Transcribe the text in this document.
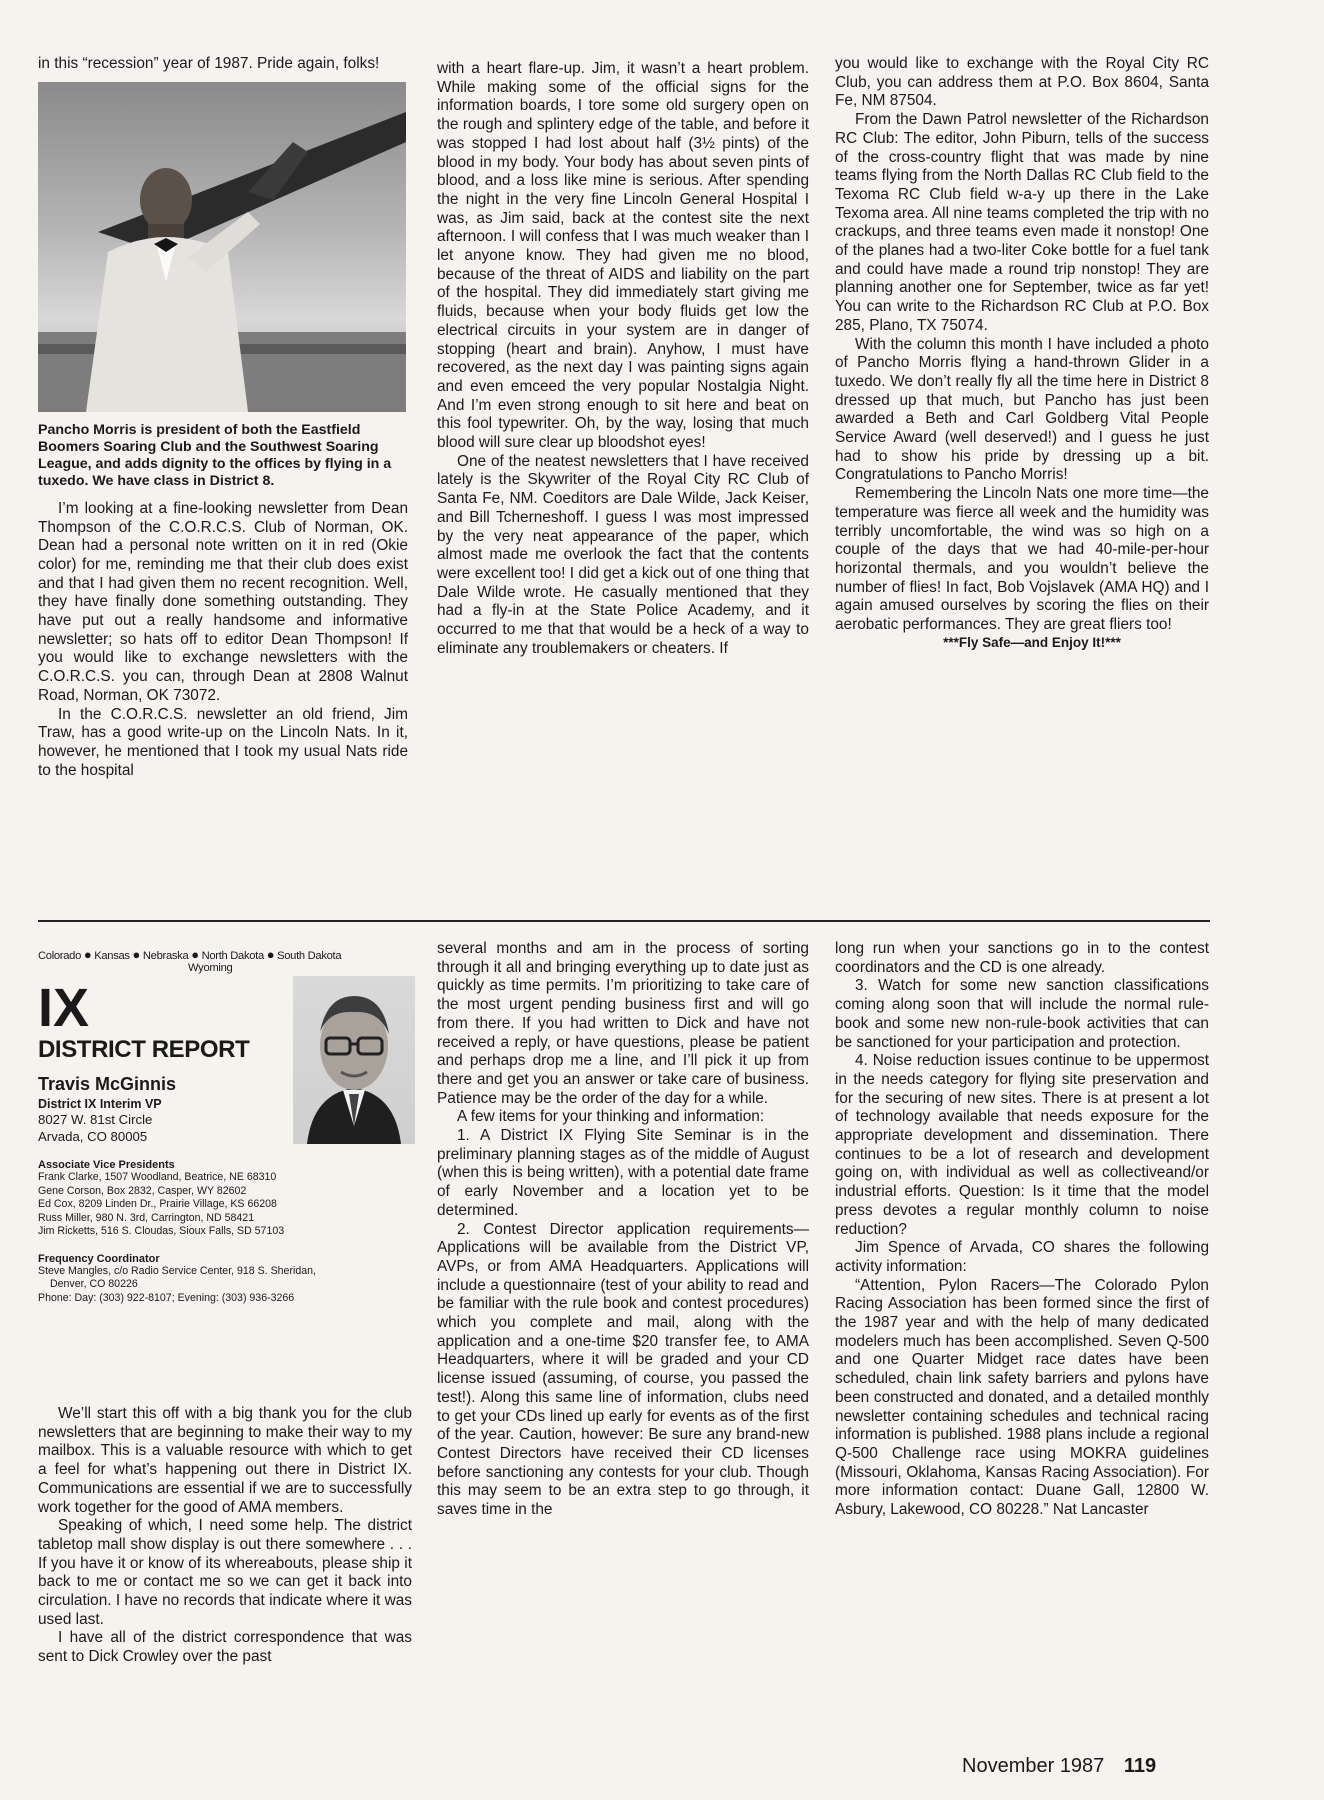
in this “recession” year of 1987. Pride again, folks!

Pancho Morris is president of both the Eastfield Boomers Soaring Club and the Southwest Soaring League, and adds dignity to the offices by flying in a tuxedo. We have class in District 8.

I’m looking at a fine-looking newsletter from Dean Thompson of the C.O.R.C.S. Club of Norman, OK. Dean had a personal note written on it in red (Okie color) for me, reminding me that their club does exist and that I had given them no recent recognition. Well, they have finally done something outstanding. They have put out a really handsome and informative newsletter; so hats off to editor Dean Thompson! If you would like to exchange newsletters with the C.O.R.C.S. you can, through Dean at 2808 Walnut Road, Norman, OK 73072.

In the C.O.R.C.S. newsletter an old friend, Jim Traw, has a good write-up on the Lincoln Nats. In it, however, he mentioned that I took my usual Nats ride to the hospital

with a heart flare-up. Jim, it wasn’t a heart problem. While making some of the official signs for the information boards, I tore some old surgery open on the rough and splintery edge of the table, and before it was stopped I had lost about half (3½ pints) of the blood in my body. Your body has about seven pints of blood, and a loss like mine is serious. After spending the night in the very fine Lincoln General Hospital I was, as Jim said, back at the contest site the next afternoon. I will confess that I was much weaker than I let anyone know. They had given me no blood, because of the threat of AIDS and liability on the part of the hospital. They did immediately start giving me fluids, because when your body fluids get low the electrical circuits in your system are in danger of stopping (heart and brain). Anyhow, I must have recovered, as the next day I was painting signs again and even emceed the very popular Nostalgia Night. And I’m even strong enough to sit here and beat on this fool typewriter. Oh, by the way, losing that much blood will sure clear up bloodshot eyes!

One of the neatest newsletters that I have received lately is the Skywriter of the Royal City RC Club of Santa Fe, NM. Coeditors are Dale Wilde, Jack Keiser, and Bill Tcherneshoff. I guess I was most impressed by the very neat appearance of the paper, which almost made me overlook the fact that the contents were excellent too! I did get a kick out of one thing that Dale Wilde wrote. He casually mentioned that they had a fly-in at the State Police Academy, and it occurred to me that that would be a heck of a way to eliminate any troublemakers or cheaters. If

you would like to exchange with the Royal City RC Club, you can address them at P.O. Box 8604, Santa Fe, NM 87504.

From the Dawn Patrol newsletter of the Richardson RC Club: The editor, John Piburn, tells of the success of the cross-country flight that was made by nine teams flying from the North Dallas RC Club field to the Texoma RC Club field w-a-y up there in the Lake Texoma area. All nine teams completed the trip with no crackups, and three teams even made it nonstop! One of the planes had a two-liter Coke bottle for a fuel tank and could have made a round trip nonstop! They are planning another one for September, twice as far yet! You can write to the Richardson RC Club at P.O. Box 285, Plano, TX 75074.

With the column this month I have included a photo of Pancho Morris flying a hand-thrown Glider in a tuxedo. We don’t really fly all the time here in District 8 dressed up that much, but Pancho has just been awarded a Beth and Carl Goldberg Vital People Service Award (well deserved!) and I guess he just had to show his pride by dressing up a bit. Congratulations to Pancho Morris!

Remembering the Lincoln Nats one more time—the temperature was fierce all week and the humidity was terribly uncomfortable, the wind was so high on a couple of the days that we had 40-mile-per-hour horizontal thermals, and you wouldn’t believe the number of flies! In fact, Bob Vojslavek (AMA HQ) and I again amused ourselves by scoring the flies on their aerobatic performances. They are great fliers too!

***Fly Safe—and Enjoy It!***

Colorado ● Kansas ● Nebraska ● North Dakota ● South Dakota
Wyoming
IX
DISTRICT REPORT
Travis McGinnis
District IX Interim VP
8027 W. 81st Circle
Arvada, CO 80005
Associate Vice Presidents
Frank Clarke, 1507 Woodland, Beatrice, NE 68310
Gene Corson, Box 2832, Casper, WY 82602
Ed Cox, 8209 Linden Dr., Prairie Village, KS 66208
Russ Miller, 980 N. 3rd, Carrington, ND 58421
Jim Ricketts, 516 S. Cloudas, Sioux Falls, SD 57103
Frequency Coordinator
Steve Mangles, c/o Radio Service Center, 918 S. Sheridan,
Denver, CO 80226
Phone: Day: (303) 922-8107; Evening: (303) 936-3266

We’ll start this off with a big thank you for the club newsletters that are beginning to make their way to my mailbox. This is a valuable resource with which to get a feel for what’s happening out there in District IX. Communications are essential if we are to successfully work together for the good of AMA members.

Speaking of which, I need some help. The district tabletop mall show display is out there somewhere . . . If you have it or know of its whereabouts, please ship it back to me or contact me so we can get it back into circulation. I have no records that indicate where it was used last.

I have all of the district correspondence that was sent to Dick Crowley over the past

several months and am in the process of sorting through it all and bringing everything up to date just as quickly as time permits. I’m prioritizing to take care of the most urgent pending business first and will go from there. If you had written to Dick and have not received a reply, or have questions, please be patient and perhaps drop me a line, and I’ll pick it up from there and get you an answer or take care of business. Patience may be the order of the day for a while.

A few items for your thinking and information:

1. A District IX Flying Site Seminar is in the preliminary planning stages as of the middle of August (when this is being written), with a potential date frame of early November and a location yet to be determined.

2. Contest Director application requirements—Applications will be available from the District VP, AVPs, or from AMA Headquarters. Applications will include a questionnaire (test of your ability to read and be familiar with the rule book and contest procedures) which you complete and mail, along with the application and a one-time $20 transfer fee, to AMA Headquarters, where it will be graded and your CD license issued (assuming, of course, you passed the test!). Along this same line of information, clubs need to get your CDs lined up early for events as of the first of the year. Caution, however: Be sure any brand-new Contest Directors have received their CD licenses before sanctioning any contests for your club. Though this may seem to be an extra step to go through, it saves time in the

long run when your sanctions go in to the contest coordinators and the CD is one already.

3. Watch for some new sanction classifications coming along soon that will include the normal rule-book and some new non-rule-book activities that can be sanctioned for your participation and protection.

4. Noise reduction issues continue to be uppermost in the needs category for flying site preservation and for the securing of new sites. There is at present a lot of technology available that needs exposure for the appropriate development and dissemination. There continues to be a lot of research and development going on, with individual as well as collectiveand/or industrial efforts. Question: Is it time that the model press devotes a regular monthly column to noise reduction?

Jim Spence of Arvada, CO shares the following activity information:

“Attention, Pylon Racers—The Colorado Pylon Racing Association has been formed since the first of the 1987 year and with the help of many dedicated modelers much has been accomplished. Seven Q-500 and one Quarter Midget race dates have been scheduled, chain link safety barriers and pylons have been constructed and donated, and a detailed monthly newsletter containing schedules and technical racing information is published. 1988 plans include a regional Q-500 Challenge race using MOKRA guidelines (Missouri, Oklahoma, Kansas Racing Association). For more information contact: Duane Gall, 12800 W. Asbury, Lakewood, CO 80228.” Nat Lancaster

November 1987 119
